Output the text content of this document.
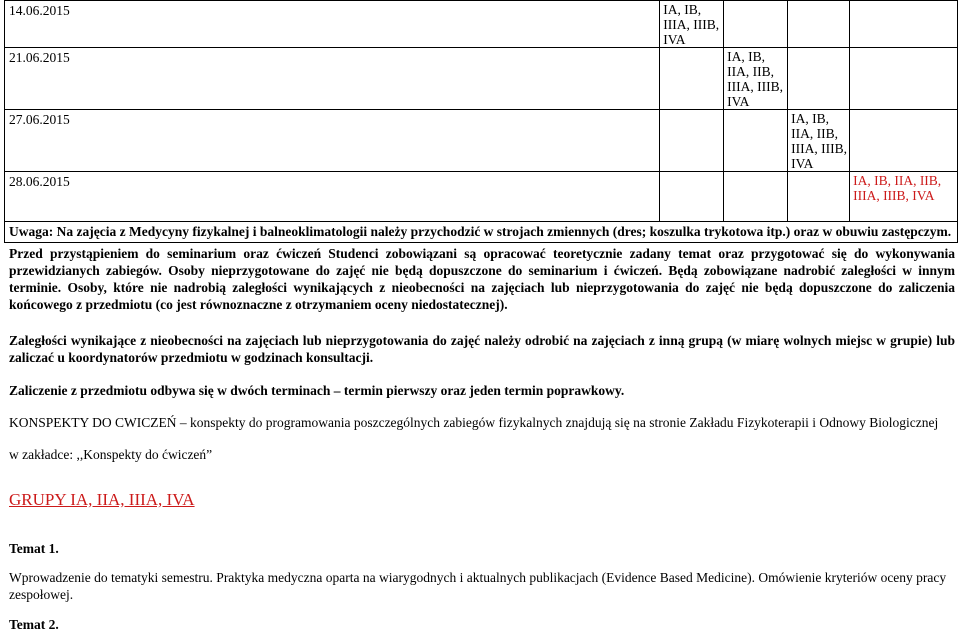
14.06.2015	IA, IB, IIIA, IIIB, IVA			
21.06.2015		IA, IB, IIA, IIB, IIIA, IIIB, IVA		
27.06.2015			IA, IB, IIA, IIB, IIIA, IIIB, IVA	
28.06.2015				IA, IB, IIA, IIB, IIIA, IIIB, IVA
Uwaga: Na zajęcia z Medycyny fizykalnej i balneoklimatologii należy przychodzić w strojach zmiennych (dres; koszulka trykotowa itp.) oraz w obuwiu zastępczym.				
Przed przystąpieniem do seminarium oraz ćwiczeń Studenci zobowiązani są opracować teoretycznie zadany temat oraz przygotować się do wykonywania przewidzianych zabiegów. Osoby nieprzygotowane do zajęć nie będą dopuszczone do seminarium i ćwiczeń. Będą zobowiązane nadrobić zaległości w innym terminie. Osoby, które nie nadrobią zaległości wynikających z nieobecności na zajęciach lub nieprzygotowania do zajęć nie będą dopuszczone do zaliczenia końcowego z przedmiotu (co jest równoznaczne z otrzymaniem oceny niedostatecznej).
Zaległości wynikające z nieobecności na zajęciach lub nieprzygotowania do zajęć należy odrobić na zajęciach z inną grupą (w miarę wolnych miejsc w grupie) lub zaliczać u koordynatorów przedmiotu w godzinach konsultacji.
Zaliczenie z przedmiotu odbywa się w dwóch terminach – termin pierwszy oraz jeden termin poprawkowy.
KONSPEKTY DO CWICZEŃ – konspekty do programowania poszczególnych zabiegów fizykalnych znajdują się na stronie Zakładu Fizykoterapii i Odnowy Biologicznej
w zakładce: ,,Konspekty do ćwiczeń”
GRUPY IA, IIA, IIIA, IVA
Temat 1.
Wprowadzenie do tematyki semestru. Praktyka medyczna oparta na wiarygodnych i aktualnych publikacjach (Evidence Based Medicine). Omówienie kryteriów oceny pracy zespołowej.
Temat 2.
